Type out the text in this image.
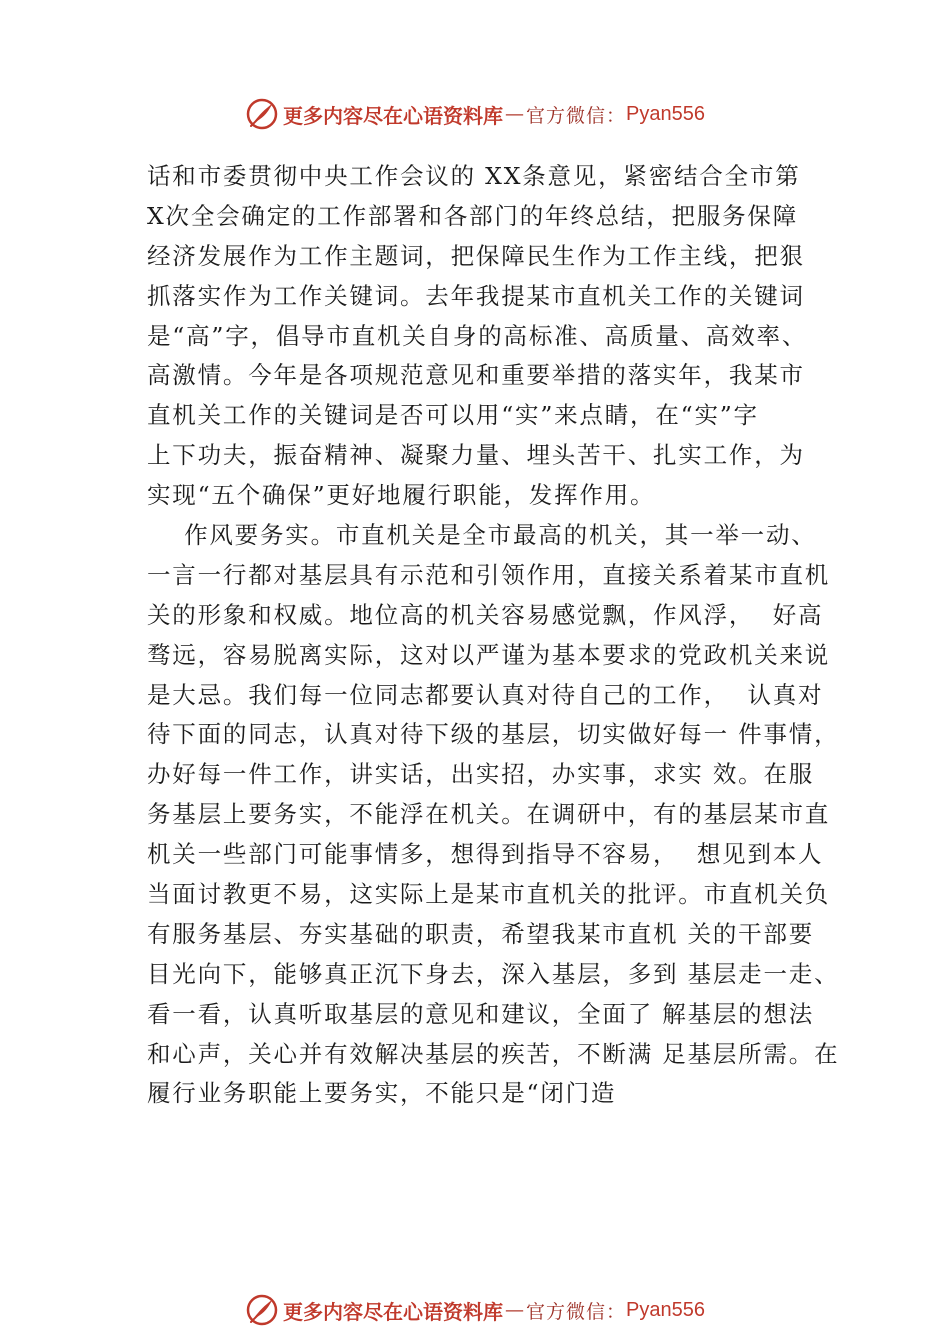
更多内容尽在心语资料库 — 官方微信： Pyan556
话和市委贯彻中央工作会议的 XX条意见，紧密结合全市第
X次全会确定的工作部署和各部门的年终总结，把服务保障
经济发展作为工作主题词，把保障民生作为工作主线，把狠
抓落实作为工作关键词。去年我提某市直机关工作的关键词
是“高”字，倡导市直机关自身的高标准、高质量、高效率、
高激情。今年是各项规范意见和重要举措的落实年，我某市
直机关工作的关键词是否可以用“实”来点睛，在“实”字
上下功夫，振奋精神、凝聚力量、埋头苦干、扎实工作，为
实现“五个确保”更好地履行职能，发挥作用。
作风要务实。市直机关是全市最高的机关，其一举一动、
一言一行都对基层具有示范和引领作用，直接关系着某市直机
关的形象和权威。地位高的机关容易感觉飘，作风浮，  好高
骛远，容易脱离实际，这对以严谨为基本要求的党政机关来说
是大忌。我们每一位同志都要认真对待自己的工作，  认真对
待下面的同志，认真对待下级的基层，切实做好每一 件事情，
办好每一件工作，讲实话，出实招，办实事，求实 效。在服
务基层上要务实，不能浮在机关。在调研中，有的基层某市直
机关一些部门可能事情多，想得到指导不容易，  想见到本人
当面讨教更不易，这实际上是某市直机关的批评。市直机关负
有服务基层、夯实基础的职责，希望我某市直机 关的干部要
目光向下，能够真正沉下身去，深入基层，多到 基层走一走、
看一看，认真听取基层的意见和建议，全面了 解基层的想法
和心声，关心并有效解决基层的疾苦，不断满 足基层所需。在
履行业务职能上要务实，不能只是“闭门造
更多内容尽在心语资料库 — 官方微信： Pyan556
